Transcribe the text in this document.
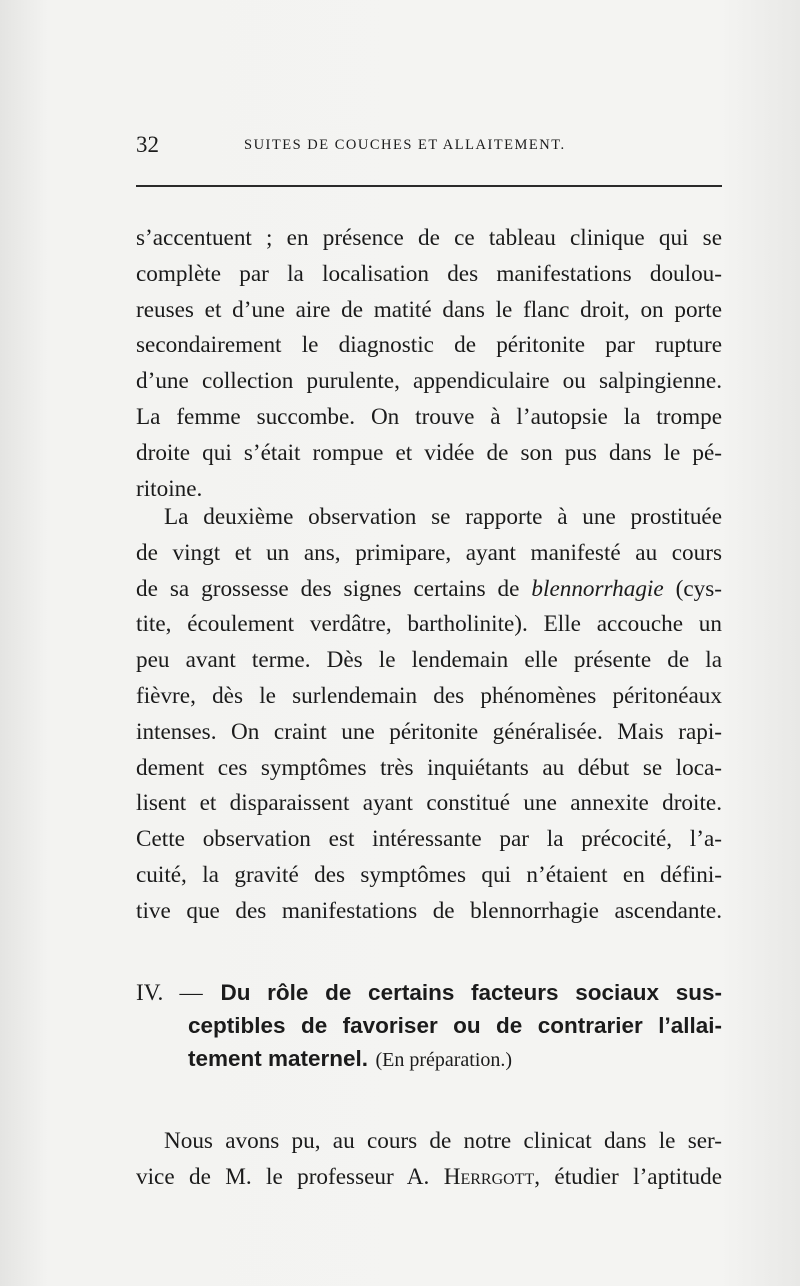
32	SUITES DE COUCHES ET ALLAITEMENT.
s’accentuent ; en présence de ce tableau clinique qui se
complète par la localisation des manifestations doulou-
reuses et d’une aire de matité dans le flanc droit, on porte
secondairement le diagnostic de péritonite par rupture
d’une collection purulente, appendiculaire ou salpingienne.
La femme succombe. On trouve à l’autopsie la trompe
droite qui s’était rompue et vidée de son pus dans le pé-
ritoine.
La deuxième observation se rapporte à une prostituée
de vingt et un ans, primipare, ayant manifesté au cours
de sa grossesse des signes certains de blennorrhagie (cys-
tite, écoulement verdâtre, bartholinite). Elle accouche un
peu avant terme. Dès le lendemain elle présente de la
fièvre, dès le surlendemain des phénomènes péritonéaux
intenses. On craint une péritonite généralisée. Mais rapi-
dement ces symptômes très inquiétants au début se loca-
lisent et disparaissent ayant constitué une annexite droite.
Cette observation est intéressante par la précocité, l’a-
cuité, la gravité des symptômes qui n’étaient en défini-
tive que des manifestations de blennorrhagie ascendante.
IV. — Du rôle de certains facteurs sociaux sus-
ceptibles de favoriser ou de contrarier l’allai-
tement maternel. (En préparation.)
Nous avons pu, au cours de notre clinicat dans le ser-
vice de M. le professeur A. Herrgott, étudier l’aptitude
